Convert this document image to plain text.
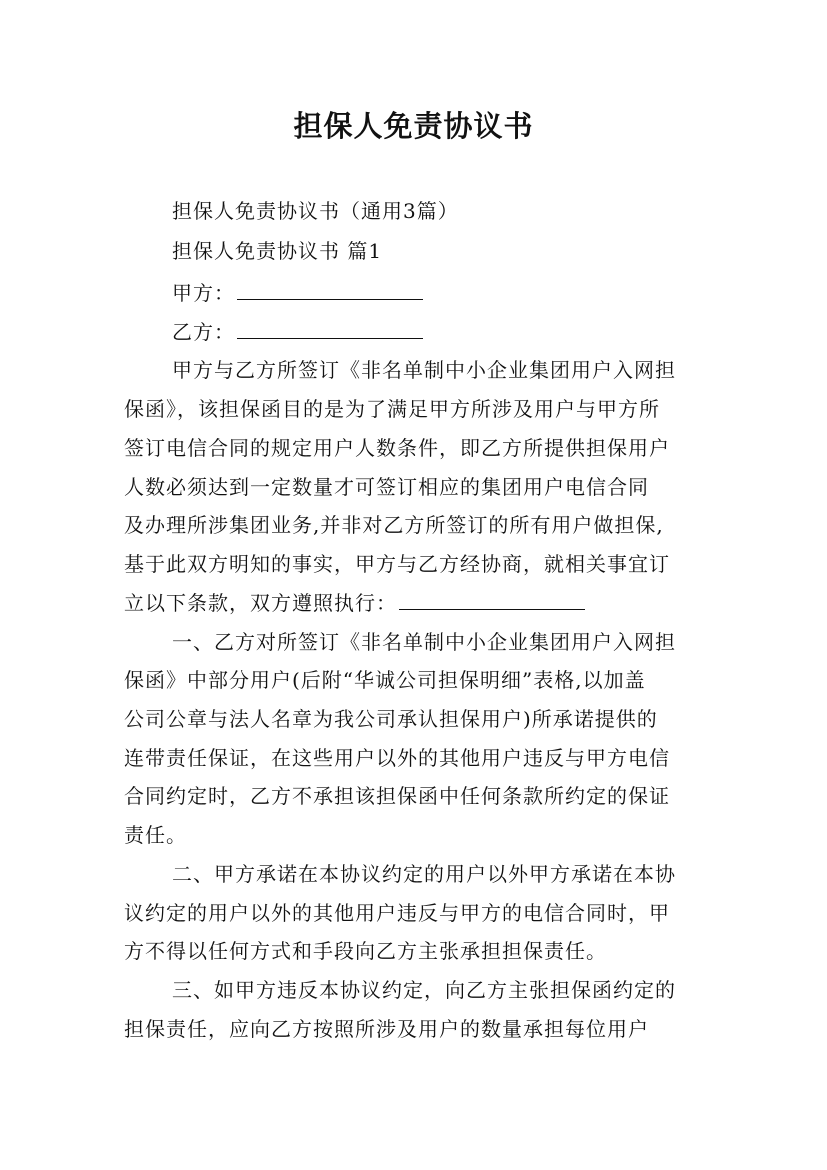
担保人免责协议书
担保人免责协议书（通用3篇）
担保人免责协议书 篇1
甲方：
乙方：
甲方与乙方所签订《非名单制中小企业集团用户入网担
保函》，该担保函目的是为了满足甲方所涉及用户与甲方所
签订电信合同的规定用户人数条件，即乙方所提供担保用户
人数必须达到一定数量才可签订相应的集团用户电信合同
及办理所涉集团业务,并非对乙方所签订的所有用户做担保,
基于此双方明知的事实，甲方与乙方经协商，就相关事宜订
立以下条款，双方遵照执行：
一、乙方对所签订《非名单制中小企业集团用户入网担
保函》中部分用户(后附“华诚公司担保明细”表格,以加盖
公司公章与法人名章为我公司承认担保用户)所承诺提供的
连带责任保证，在这些用户以外的其他用户违反与甲方电信
合同约定时，乙方不承担该担保函中任何条款所约定的保证
责任。
二、甲方承诺在本协议约定的用户以外甲方承诺在本协
议约定的用户以外的其他用户违反与甲方的电信合同时，甲
方不得以任何方式和手段向乙方主张承担担保责任。
三、如甲方违反本协议约定，向乙方主张担保函约定的
担保责任，应向乙方按照所涉及用户的数量承担每位用户
